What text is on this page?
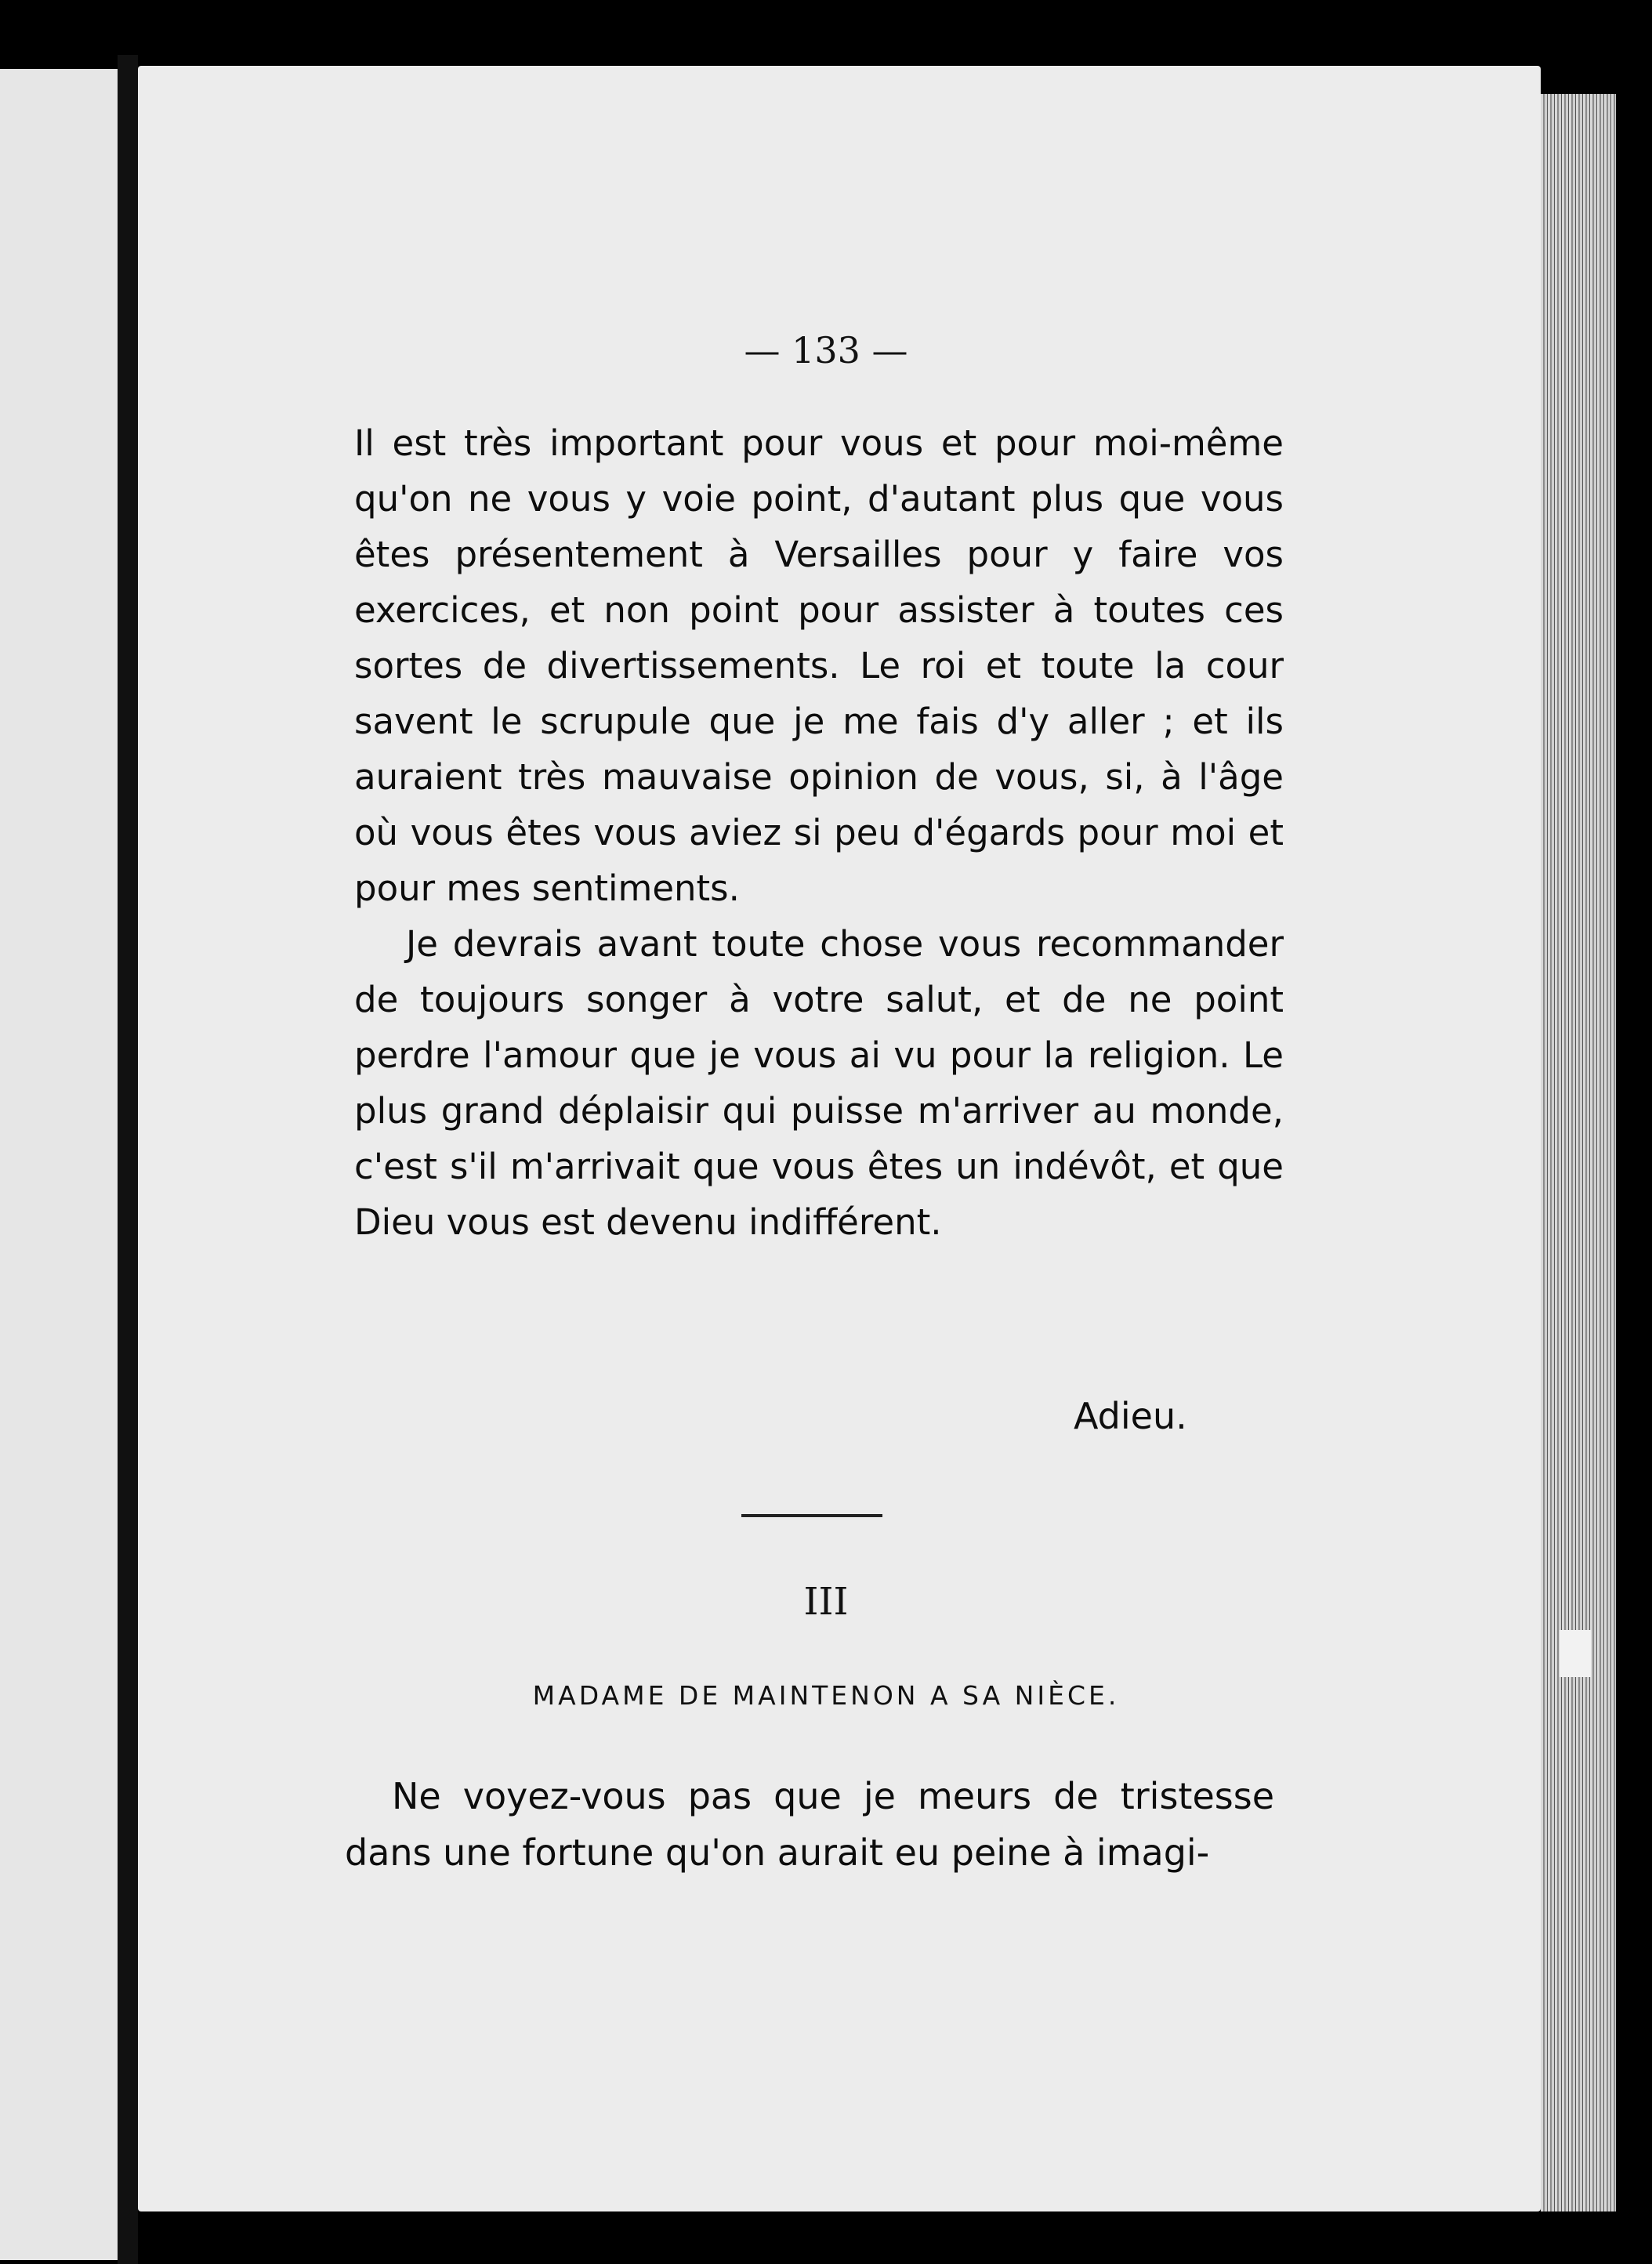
— 133 —

Il est très important pour vous et pour moi-même qu'on ne vous y voie point, d'autant plus que vous êtes présentement à Versailles pour y faire vos exercices, et non point pour assister à toutes ces sortes de divertissements. Le roi et toute la cour savent le scrupule que je me fais d'y aller ; et ils auraient très mauvaise opinion de vous, si, à l'âge où vous êtes vous aviez si peu d'égards pour moi et pour mes sentiments.

Je devrais avant toute chose vous recommander de toujours songer à votre salut, et de ne point perdre l'amour que je vous ai vu pour la religion. Le plus grand déplaisir qui puisse m'arriver au monde, c'est s'il m'arrivait que vous êtes un indévôt, et que Dieu vous est devenu indifférent.

Adieu.
III
MADAME DE MAINTENON A SA NIÈCE.

Ne voyez-vous pas que je meurs de tristesse dans une fortune qu'on aurait eu peine à imagi-
